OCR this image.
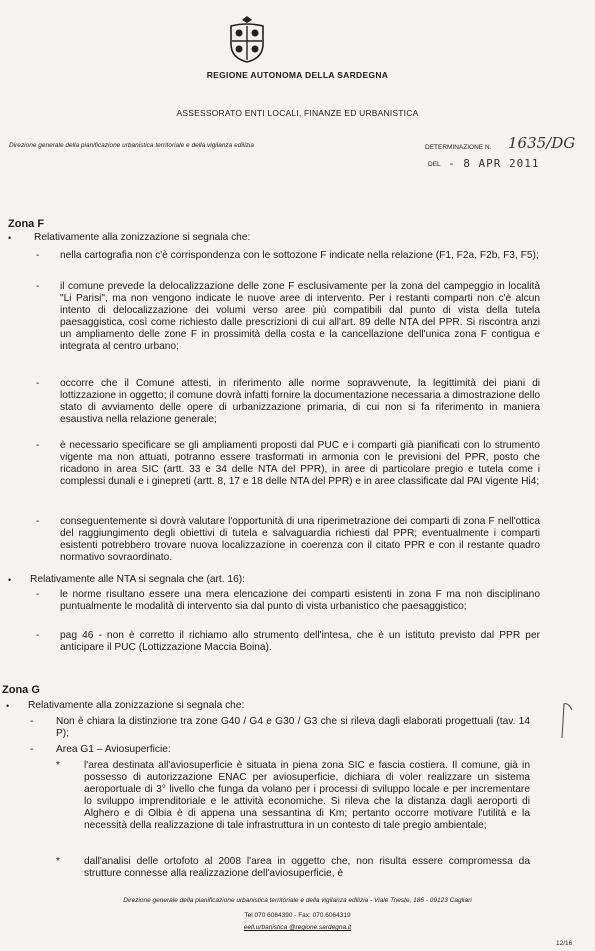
REGIONE AUTONOMA DELLA SARDEGNA
ASSESSORATO ENTI LOCALI, FINANZE ED URBANISTICA
Direzione generale della pianificazione urbanistica territoriale e della vigilanza edilizia	DETERMINAZIONE N. 1635/DG
DEL - 8 APR 2011
Zona F
• Relativamente alla zonizzazione si segnala che:
- nella cartografia non c'è corrispondenza con le sottozone F indicate nella relazione (F1, F2a, F2b, F3, F5);
- il comune prevede la delocalizzazione delle zone F esclusivamente per la zona del campeggio in località "Li Parisi", ma non vengono indicate le nuove aree di intervento. Per i restanti comparti non c'è alcun intento di delocalizzazione dei volumi verso aree più compatibili dal punto di vista della tutela paesaggistica, così come richiesto dalle prescrizioni di cui all'art. 89 delle NTA del PPR. Si riscontra anzi un ampliamento delle zone F in prossimità della costa e la cancellazione dell'unica zona F contigua e integrata al centro urbano;
- occorre che il Comune attesti, in riferimento alle norme sopravvenute, la legittimità dei piani di lottizzazione in oggetto; il comune dovrà infatti fornire la documentazione necessaria a dimostrazione dello stato di avviamento delle opere di urbanizzazione primaria, di cui non si fa riferimento in maniera esaustiva nella relazione generale;
- è necessario specificare se gli ampliamenti proposti dal PUC e i comparti già pianificati con lo strumento vigente ma non attuati, potranno essere trasformati in armonia con le previsioni del PPR, posto che ricadono in area SIC (artt. 33 e 34 delle NTA del PPR), in aree di particolare pregio e tutela come i complessi dunali e i ginepreti (artt. 8, 17 e 18 delle NTA del PPR) e in aree classificate dal PAI vigente Hi4;
- conseguentemente si dovrà valutare l'opportunità di una riperimetrazione dei comparti di zona F nell'ottica del raggiungimento degli obiettivi di tutela e salvaguardia richiesti dal PPR; eventualmente i comparti esistenti potrebbero trovare nuova localizzazione in coerenza con il citato PPR e con il restante quadro normativo sovraordinato.
• Relativamente alle NTA si segnala che (art. 16):
- le norme risultano essere una mera elencazione dei comparti esistenti in zona F ma non disciplinano puntualmente le modalità di intervento sia dal punto di vista urbanistico che paesaggistico;
- pag 46 - non è corretto il richiamo allo strumento dell'intesa, che è un istituto previsto dal PPR per anticipare il PUC (Lottizzazione Maccia Boina).
Zona G
• Relativamente alla zonizzazione si segnala che:
- Non è chiara la distinzione tra zone G40 / G4 e G30 / G3 che si rileva dagli elaborati progettuali (tav. 14 P);
- Area G1 – Aviosuperficie:
* l'area destinata all'aviosuperficie è situata in piena zona SIC e fascia costiera. Il comune, già in possesso di autorizzazione ENAC per aviosuperficie, dichiara di voler realizzare un sistema aeroportuale di 3° livello che funga da volano per i processi di sviluppo locale e per incrementare lo sviluppo imprenditoriale e le attività economiche. Si rileva che la distanza dagli aeroporti di Alghero e di Olbia è di appena una sessantina di Km; pertanto occorre motivare l'utilità e la necessità della realizzazione di tale infrastruttura in un contesto di tale pregio ambientale;
* dall'analisi delle ortofoto al 2008 l'area in oggetto che, non risulta essere compromessa da strutture connesse alla realizzazione dell'aviosuperficie, è
Direzione generale della pianificazione urbanistica territoriale e della vigilanza edilizia - Viale Trieste, 186 - 09123 Cagliari
Tel 070 6064390 - Fax: 070.6064319
eell.urbanistica @regione.sardegna.it
12/16
